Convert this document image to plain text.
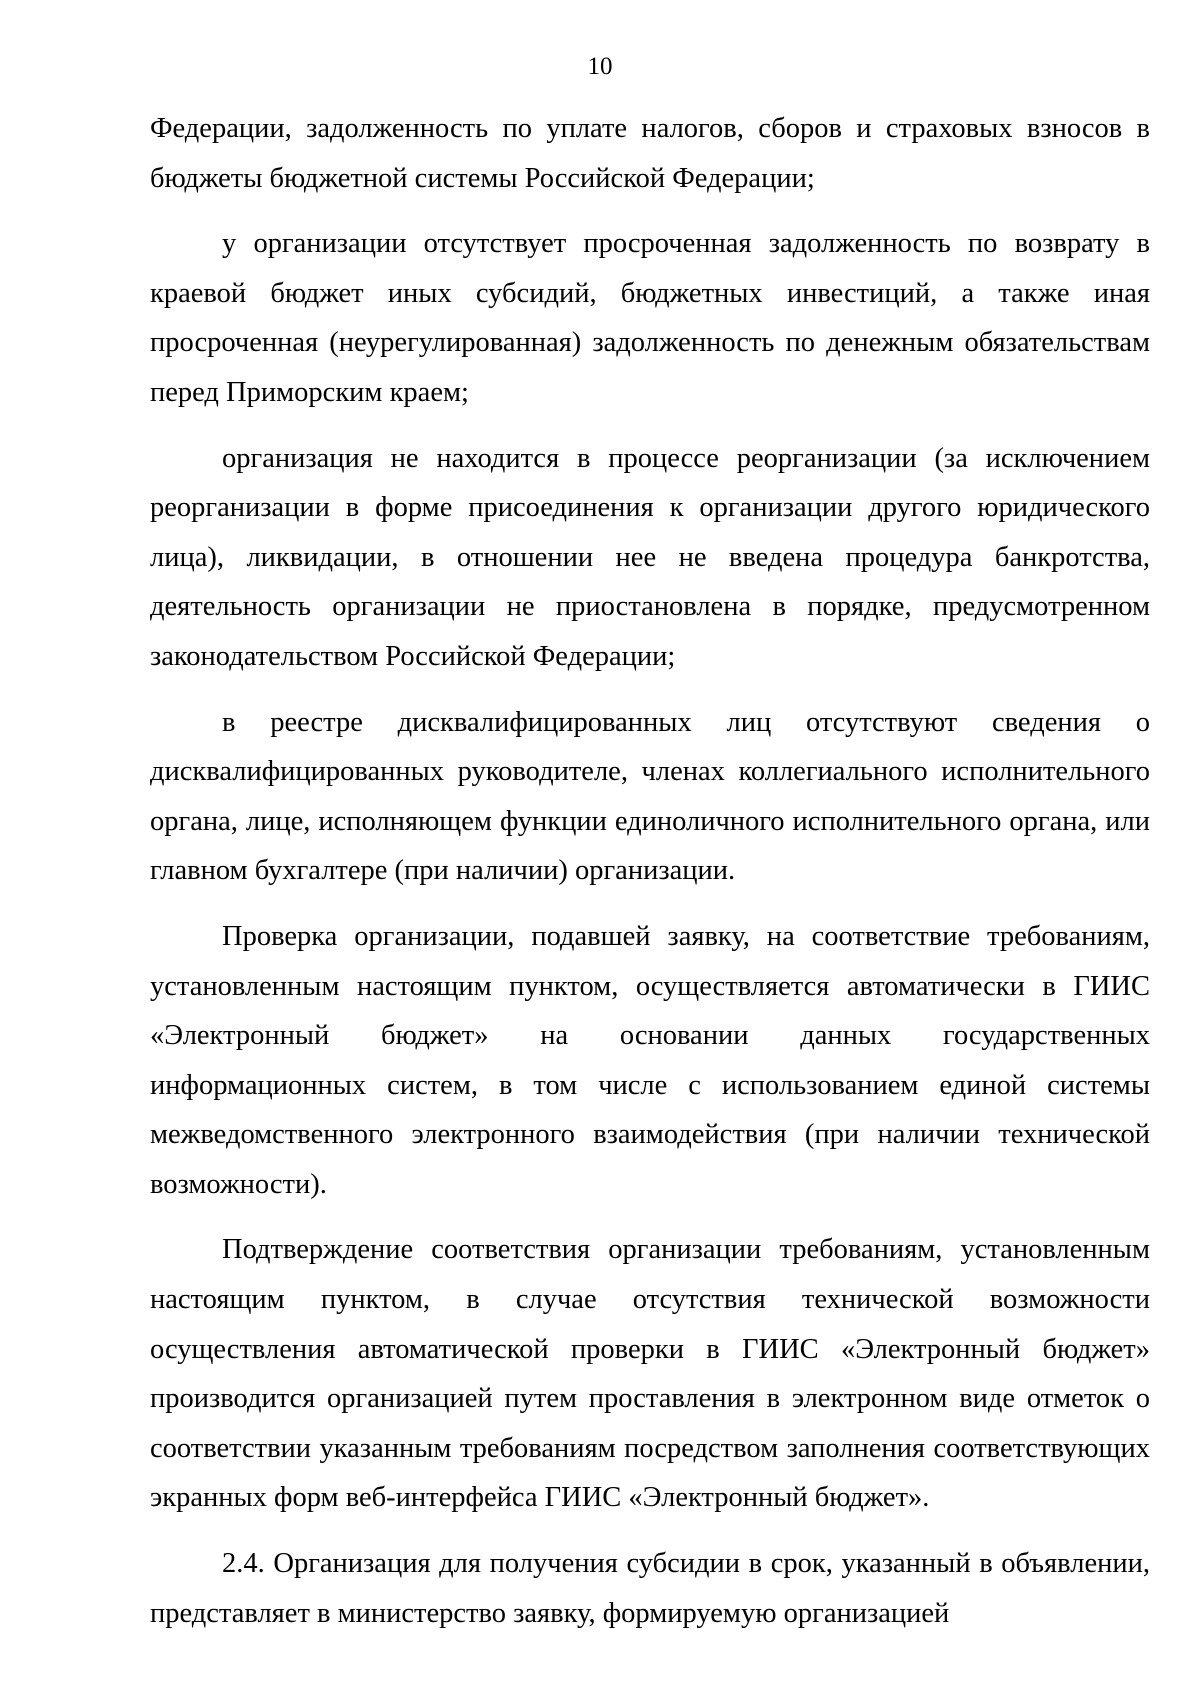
10

Федерации, задолженность по уплате налогов, сборов и страховых взносов в бюджеты бюджетной системы Российской Федерации;

у организации отсутствует просроченная задолженность по возврату в краевой бюджет иных субсидий, бюджетных инвестиций, а также иная просроченная (неурегулированная) задолженность по денежным обязательствам перед Приморским краем;

организация не находится в процессе реорганизации (за исключением реорганизации в форме присоединения к организации другого юридического лица), ликвидации, в отношении нее не введена процедура банкротства, деятельность организации не приостановлена в порядке, предусмотренном законодательством Российской Федерации;

в реестре дисквалифицированных лиц отсутствуют сведения о дисквалифицированных руководителе, членах коллегиального исполнительного органа, лице, исполняющем функции единоличного исполнительного органа, или главном бухгалтере (при наличии) организации.

Проверка организации, подавшей заявку, на соответствие требованиям, установленным настоящим пунктом, осуществляется автоматически в ГИИС «Электронный бюджет» на основании данных государственных информационных систем, в том числе с использованием единой системы межведомственного электронного взаимодействия (при наличии технической возможности).

Подтверждение соответствия организации требованиям, установленным настоящим пунктом, в случае отсутствия технической возможности осуществления автоматической проверки в ГИИС «Электронный бюджет» производится организацией путем проставления в электронном виде отметок о соответствии указанным требованиям посредством заполнения соответствующих экранных форм веб-интерфейса ГИИС «Электронный бюджет».

2.4. Организация для получения субсидии в срок, указанный в объявлении, представляет в министерство заявку, формируемую организацией
